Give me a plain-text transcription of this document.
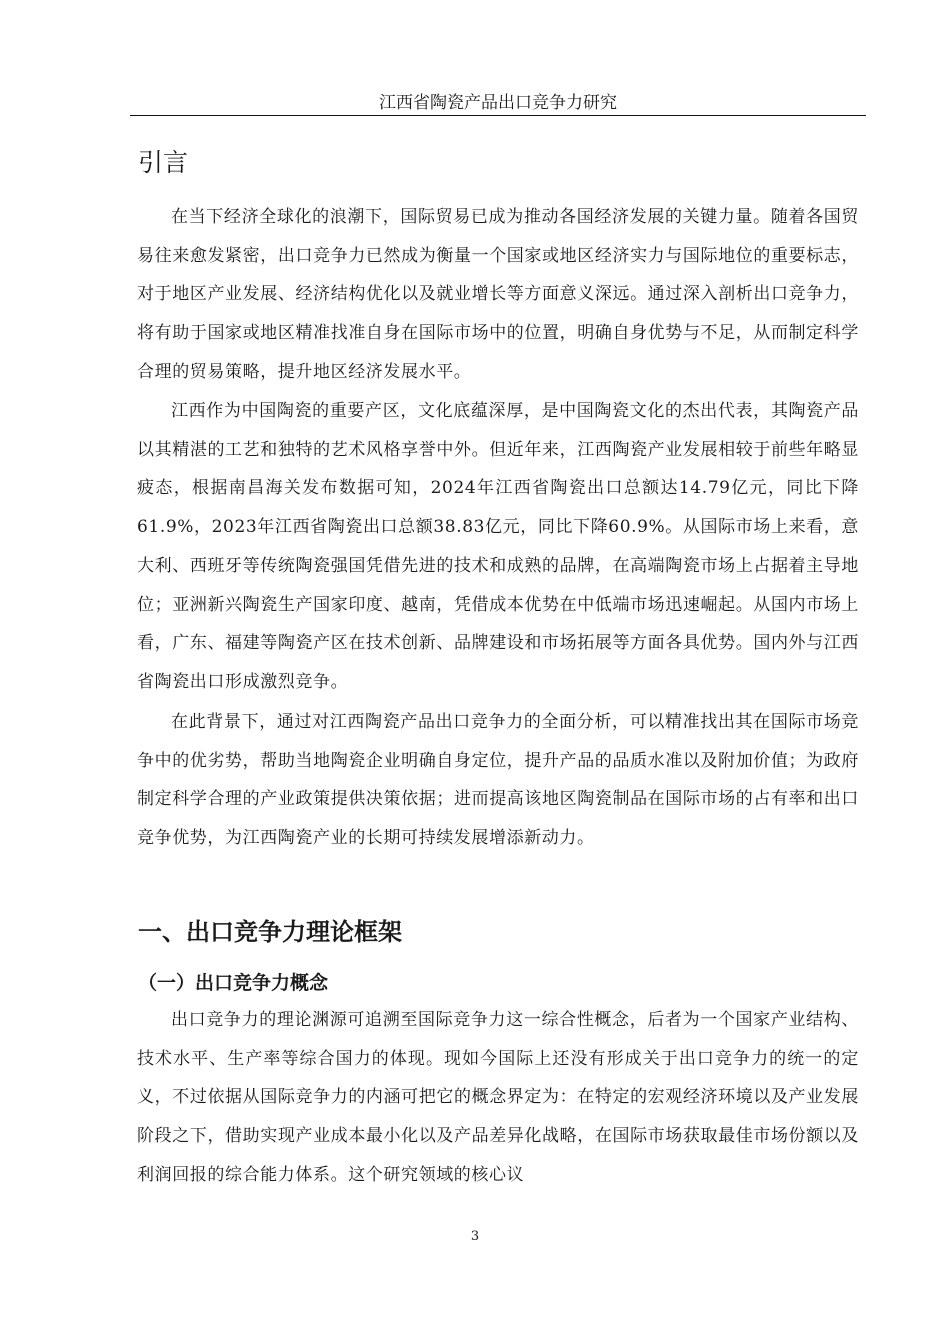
江西省陶瓷产品出口竞争力研究
引言

在当下经济全球化的浪潮下，国际贸易已成为推动各国经济发展的关键力量。随着各国贸易往来愈发紧密，出口竞争力已然成为衡量一个国家或地区经济实力与国际地位的重要标志，对于地区产业发展、经济结构优化以及就业增长等方面意义深远。通过深入剖析出口竞争力，将有助于国家或地区精准找准自身在国际市场中的位置，明确自身优势与不足，从而制定科学合理的贸易策略，提升地区经济发展水平。

江西作为中国陶瓷的重要产区，文化底蕴深厚，是中国陶瓷文化的杰出代表，其陶瓷产品以其精湛的工艺和独特的艺术风格享誉中外。但近年来，江西陶瓷产业发展相较于前些年略显疲态，根据南昌海关发布数据可知，2024年江西省陶瓷出口总额达14.79亿元，同比下降61.9%，2023年江西省陶瓷出口总额38.83亿元，同比下降60.9%。从国际市场上来看，意大利、西班牙等传统陶瓷强国凭借先进的技术和成熟的品牌，在高端陶瓷市场上占据着主导地位；亚洲新兴陶瓷生产国家印度、越南，凭借成本优势在中低端市场迅速崛起。从国内市场上看，广东、福建等陶瓷产区在技术创新、品牌建设和市场拓展等方面各具优势。国内外与江西省陶瓷出口形成激烈竞争。

在此背景下，通过对江西陶瓷产品出口竞争力的全面分析，可以精准找出其在国际市场竞争中的优劣势，帮助当地陶瓷企业明确自身定位，提升产品的品质水准以及附加价值；为政府制定科学合理的产业政策提供决策依据；进而提高该地区陶瓷制品在国际市场的占有率和出口竞争优势，为江西陶瓷产业的长期可持续发展增添新动力。

一、出口竞争力理论框架
（一）出口竞争力概念

出口竞争力的理论渊源可追溯至国际竞争力这一综合性概念，后者为一个国家产业结构、技术水平、生产率等综合国力的体现。现如今国际上还没有形成关于出口竞争力的统一的定义，不过依据从国际竞争力的内涵可把它的概念界定为：在特定的宏观经济环境以及产业发展阶段之下，借助实现产业成本最小化以及产品差异化战略，在国际市场获取最佳市场份额以及利润回报的综合能力体系。这个研究领域的核心议

3
